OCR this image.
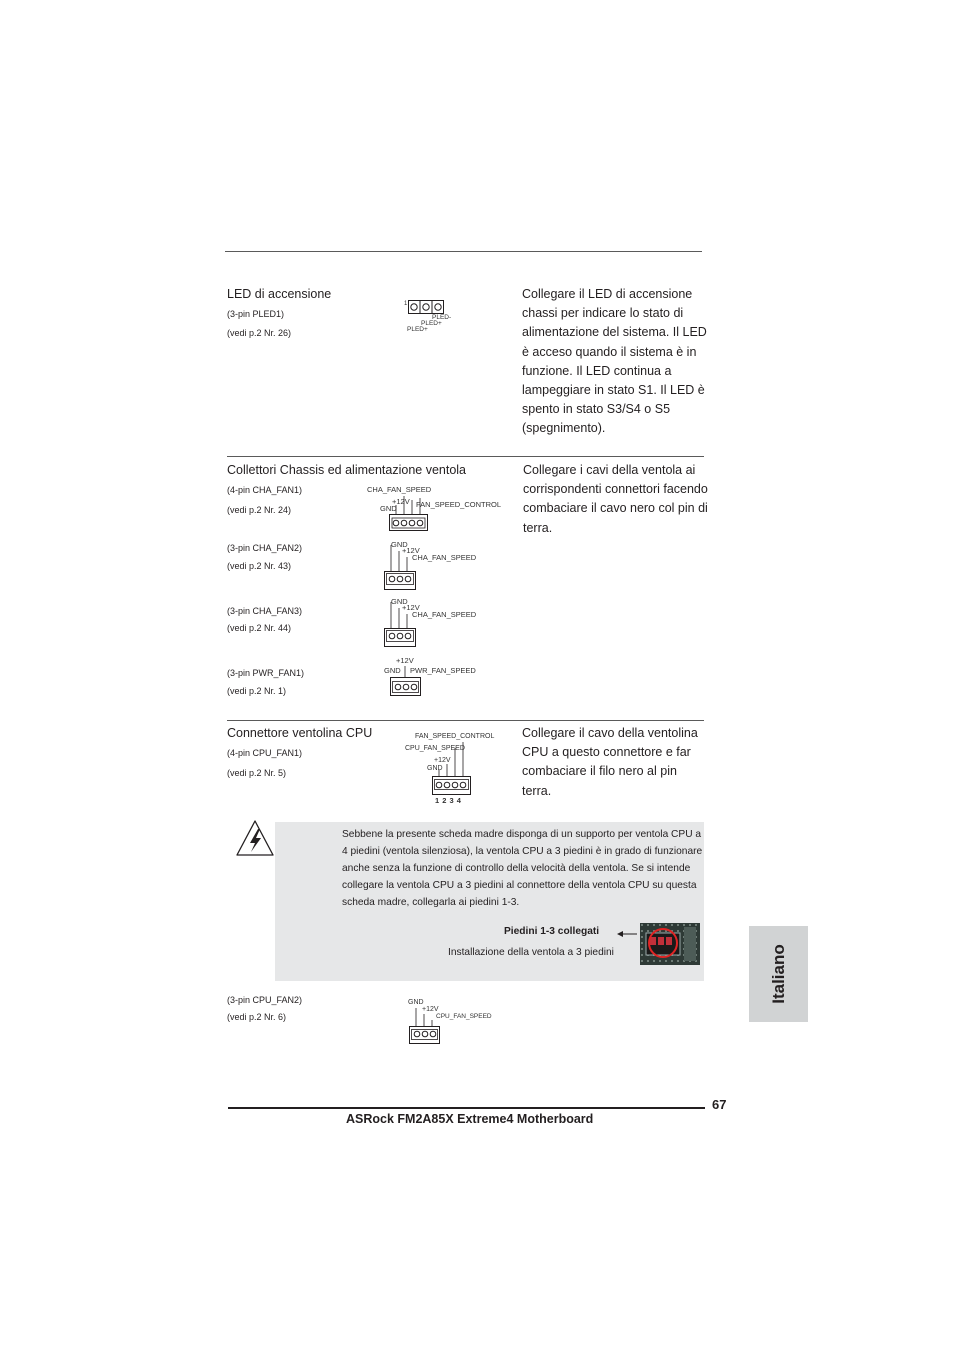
LED di accensione
(3-pin PLED1)
(vedi p.2 Nr. 26)
Collegare il LED di accensione chassi per indicare lo stato di alimentazione del sistema. Il LED è acceso quando il sistema è in funzione. Il LED continua a lampeggiare in stato S1. Il LED è spento in stato S3/S4 o S5 (spegnimento).
1
PLED-
PLED+
PLED+
Collettori Chassis ed alimentazione ventola	Collegare i cavi della ventola ai corrispondenti connettori facendo combaciare il cavo nero col pin di terra.
(4-pin CHA_FAN1)
(vedi p.2 Nr. 24)
CHA_FAN_SPEED
+12V
GND	FAN_SPEED_CONTROL
(3-pin CHA_FAN2)
(vedi p.2 Nr. 43)
GND
+12V
CHA_FAN_SPEED
(3-pin CHA_FAN3)
(vedi p.2 Nr. 44)
GND
+12V
CHA_FAN_SPEED
(3-pin PWR_FAN1)
(vedi p.2 Nr. 1)
+12V
GND PWR_FAN_SPEED
Connettore ventolina CPU
(4-pin CPU_FAN1)
(vedi p.2 Nr. 5)
Collegare il cavo della ventolina CPU a questo connettore e far combaciare il filo nero al pin terra.
FAN_SPEED_CONTROL
CPU_FAN_SPEED
+12V
GND
1 2 3 4
Sebbene la presente scheda madre disponga di un supporto per ventola CPU a 4 piedini (ventola silenziosa), la ventola CPU a 3 piedini è in grado di funzionare anche senza la funzione di controllo della velocità della ventola. Se si intende collegare la ventola CPU a 3 piedini al connettore della ventola CPU su questa scheda madre, collegarla ai piedini 1-3.
Piedini 1-3 collegati
Installazione della ventola a 3 piedini
(3-pin CPU_FAN2)
(vedi p.2 Nr. 6)
GND
+12V
CPU_FAN_SPEED
Italiano
67
ASRock FM2A85X Extreme4 Motherboard
